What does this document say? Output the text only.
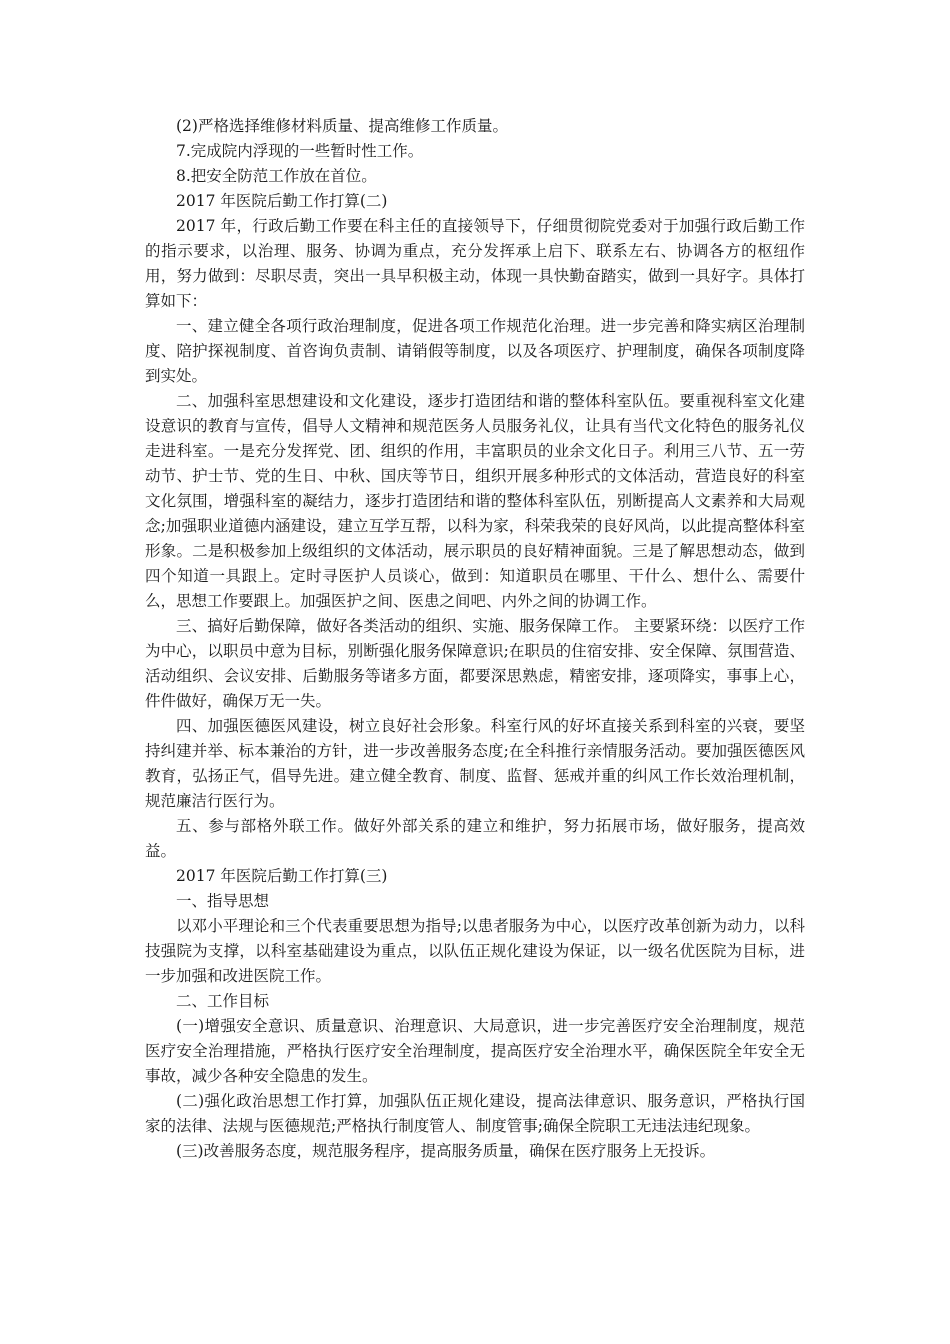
(2)严格选择维修材料质量、提高维修工作质量。

7.完成院内浮现的一些暂时性工作。

8.把安全防范工作放在首位。

2017 年医院后勤工作打算(二)

2017 年，行政后勤工作要在科主任的直接领导下，仔细贯彻院党委对于加强行政后勤工作的指示要求，以治理、服务、协调为重点，充分发挥承上启下、联系左右、协调各方的枢纽作用，努力做到：尽职尽责，突出一具早积极主动，体现一具快勤奋踏实，做到一具好字。具体打算如下：

一、建立健全各项行政治理制度，促进各项工作规范化治理。进一步完善和降实病区治理制度、陪护探视制度、首咨询负责制、请销假等制度，以及各项医疗、护理制度，确保各项制度降到实处。

二、加强科室思想建设和文化建设，逐步打造团结和谐的整体科室队伍。要重视科室文化建设意识的教育与宣传，倡导人文精神和规范医务人员服务礼仪，让具有当代文化特色的服务礼仪走进科室。一是充分发挥党、团、组织的作用，丰富职员的业余文化日子。利用三八节、五一劳动节、护士节、党的生日、中秋、国庆等节日，组织开展多种形式的文体活动，营造良好的科室文化氛围，增强科室的凝结力，逐步打造团结和谐的整体科室队伍，别断提高人文素养和大局观念;加强职业道德内涵建设，建立互学互帮，以科为家，科荣我荣的良好风尚，以此提高整体科室形象。二是积极参加上级组织的文体活动，展示职员的良好精神面貌。三是了解思想动态，做到四个知道一具跟上。定时寻医护人员谈心，做到：知道职员在哪里、干什么、想什么、需要什么，思想工作要跟上。加强医护之间、医患之间吧、内外之间的协调工作。

三、搞好后勤保障，做好各类活动的组织、实施、服务保障工作。 主要紧环绕：以医疗工作为中心，以职员中意为目标，别断强化服务保障意识;在职员的住宿安排、安全保障、氛围营造、活动组织、会议安排、后勤服务等诸多方面，都要深思熟虑，精密安排，逐项降实，事事上心，件件做好，确保万无一失。

四、加强医德医风建设，树立良好社会形象。科室行风的好坏直接关系到科室的兴衰，要坚持纠建并举、标本兼治的方针，进一步改善服务态度;在全科推行亲情服务活动。要加强医德医风教育，弘扬正气，倡导先进。建立健全教育、制度、监督、惩戒并重的纠风工作长效治理机制，规范廉洁行医行为。

五、参与部格外联工作。做好外部关系的建立和维护，努力拓展市场，做好服务，提高效益。

2017 年医院后勤工作打算(三)

一、指导思想

以邓小平理论和三个代表重要思想为指导;以患者服务为中心，以医疗改革创新为动力，以科技强院为支撑，以科室基础建设为重点，以队伍正规化建设为保证，以一级名优医院为目标，进一步加强和改进医院工作。

二、工作目标

(一)增强安全意识、质量意识、治理意识、大局意识，进一步完善医疗安全治理制度，规范医疗安全治理措施，严格执行医疗安全治理制度，提高医疗安全治理水平，确保医院全年安全无事故，减少各种安全隐患的发生。

(二)强化政治思想工作打算，加强队伍正规化建设，提高法律意识、服务意识，严格执行国家的法律、法规与医德规范;严格执行制度管人、制度管事;确保全院职工无违法违纪现象。

(三)改善服务态度，规范服务程序，提高服务质量，确保在医疗服务上无投诉。
